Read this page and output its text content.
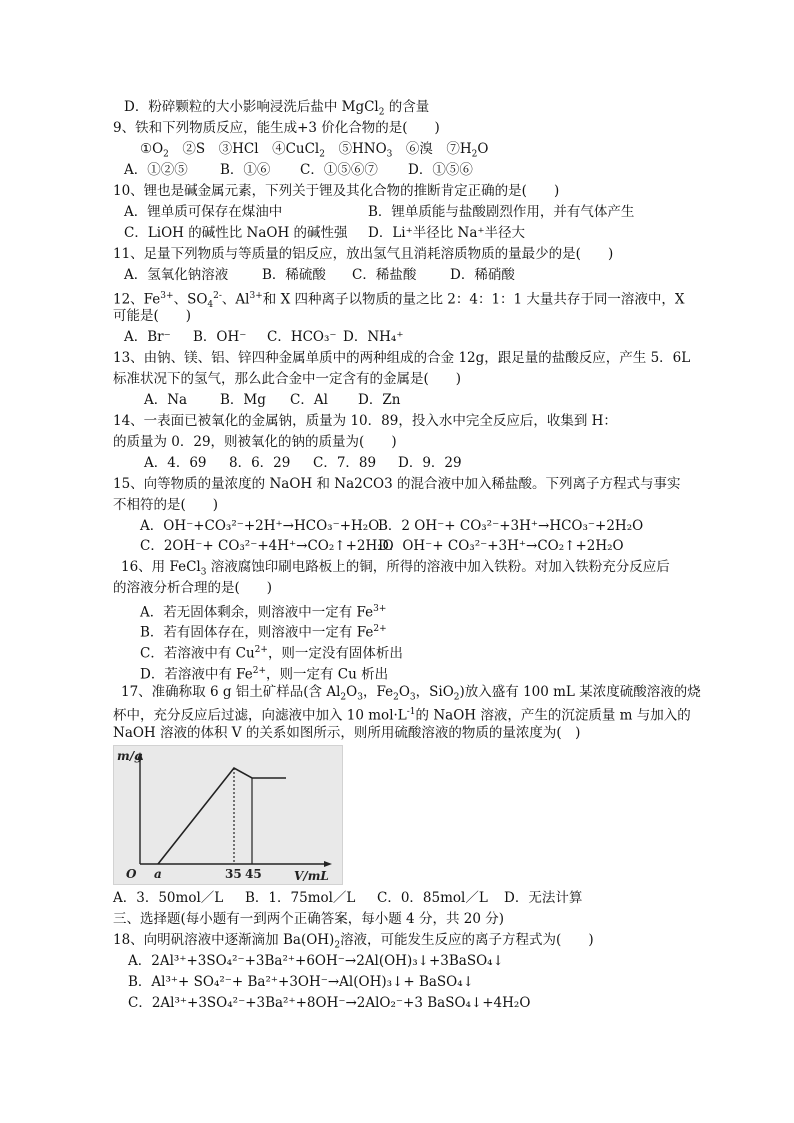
D．粉碎颗粒的大小影响浸洗后盐中 MgCl$_2$ 的含量
9、铁和下列物质反应，能生成+3 价化合物的是(　　)
$①O_2$　②S　③HCl　④CuCl$_2$　$⑤HNO_3$　⑥溴　$⑦H_2O$
A．①②⑤ B．①⑥ C．①⑤⑥⑦ D．①⑤⑥
10、锂也是碱金属元素，下列关于锂及其化合物的推断肯定正确的是(　　)
A．锂单质可保存在煤油中	B．锂单质能与盐酸剧烈作用，并有气体产生
C．LiOH 的碱性比 NaOH 的碱性强 D．Li⁺半径比 Na⁺半径大
11、足量下列物质与等质量的铝反应，放出氢气且消耗溶质物质的量最少的是(　　)
A．氢氧化钠溶液	B．稀硫酸 C．稀盐酸 D．稀硝酸
12、$Fe^{3+}$、$SO_4^{2-}$、$Al^{3+}$和 X 四种离子以物质的量之比 2：4：1：1 大量共存于同一溶液中，X
可能是(　　)
A．Br⁻ B．OH⁻ C．HCO₃⁻ D．NH₄⁺
13、由钠、镁、铝、锌四种金属单质中的两种组成的合金 12g，跟足量的盐酸反应，产生 5．6L
标准状况下的氢气，那么此合金中一定含有的金属是(　　)
A．Na B．Mg C．Al D．Zn
14、一表面已被氧化的金属钠，质量为 10．89，投入水中完全反应后，收集到 H：
的质量为 0．29，则被氧化的钠的质量为(　　)
A．4．69 8．6．29 C．7．89 D．9．29
15、向等物质的量浓度的 NaOH 和 Na2CO3 的混合液中加入稀盐酸。下列离子方程式与事实
不相符的是(　　)
A．OH⁻+CO₃²⁻+2H⁺→HCO₃⁻+H₂O
B．2 OH⁻+ CO₃²⁻+3H⁺→HCO₃⁻+2H₂O
C．2OH⁻+ CO₃²⁻+4H⁺→CO₂↑+2H₂O
D．OH⁻+ CO₃²⁻+3H⁺→CO₂↑+2H₂O
16、用 FeCl$_3$ 溶液腐蚀印刷电路板上的铜，所得的溶液中加入铁粉。对加入铁粉充分反应后
的溶液分析合理的是(　　)
A．若无固体剩余，则溶液中一定有 $Fe^{3+}$
B．若有固体存在，则溶液中一定有 $Fe^{2+}$
C．若溶液中有 $Cu^{2+}$，则一定没有固体析出
D．若溶液中有 $Fe^{2+}$，则一定有 Cu 析出
17、准确称取 6 g 铝土矿样品(含 $Al_2O_3$，$Fe_2O_3$，SiO$_2$)放入盛有 100 mL 某浓度硫酸溶液的烧
杯中，充分反应后过滤，向滤液中加入 10 $mol\cdot L^{-1}$的 NaOH 溶液，产生的沉淀质量 m 与加入的
NaOH 溶液的体积 V 的关系如图所示，则所用硫酸溶液的物质的量浓度为(　)
A．3．50mol／L B．1．75mol／L C．0．85mol／L D．无法计算
三、选择题(每小题有一到两个正确答案，每小题 4 分，共 20 分)
18、向明矾溶液中逐渐滴加 $Ba(OH)_2$溶液，可能发生反应的离子方程式为(　　)
A．2Al³⁺+3SO₄²⁻+3Ba²⁺+6OH⁻→2Al(OH)₃↓+3BaSO₄↓
B．Al³⁺+ SO₄²⁻+ Ba²⁺+3OH⁻→Al(OH)₃↓+ BaSO₄↓
C．2Al³⁺+3SO₄²⁻+3Ba²⁺+8OH⁻→2AlO₂⁻+3 BaSO₄↓+4H₂O
m/g
V/mL
O a	35 45
